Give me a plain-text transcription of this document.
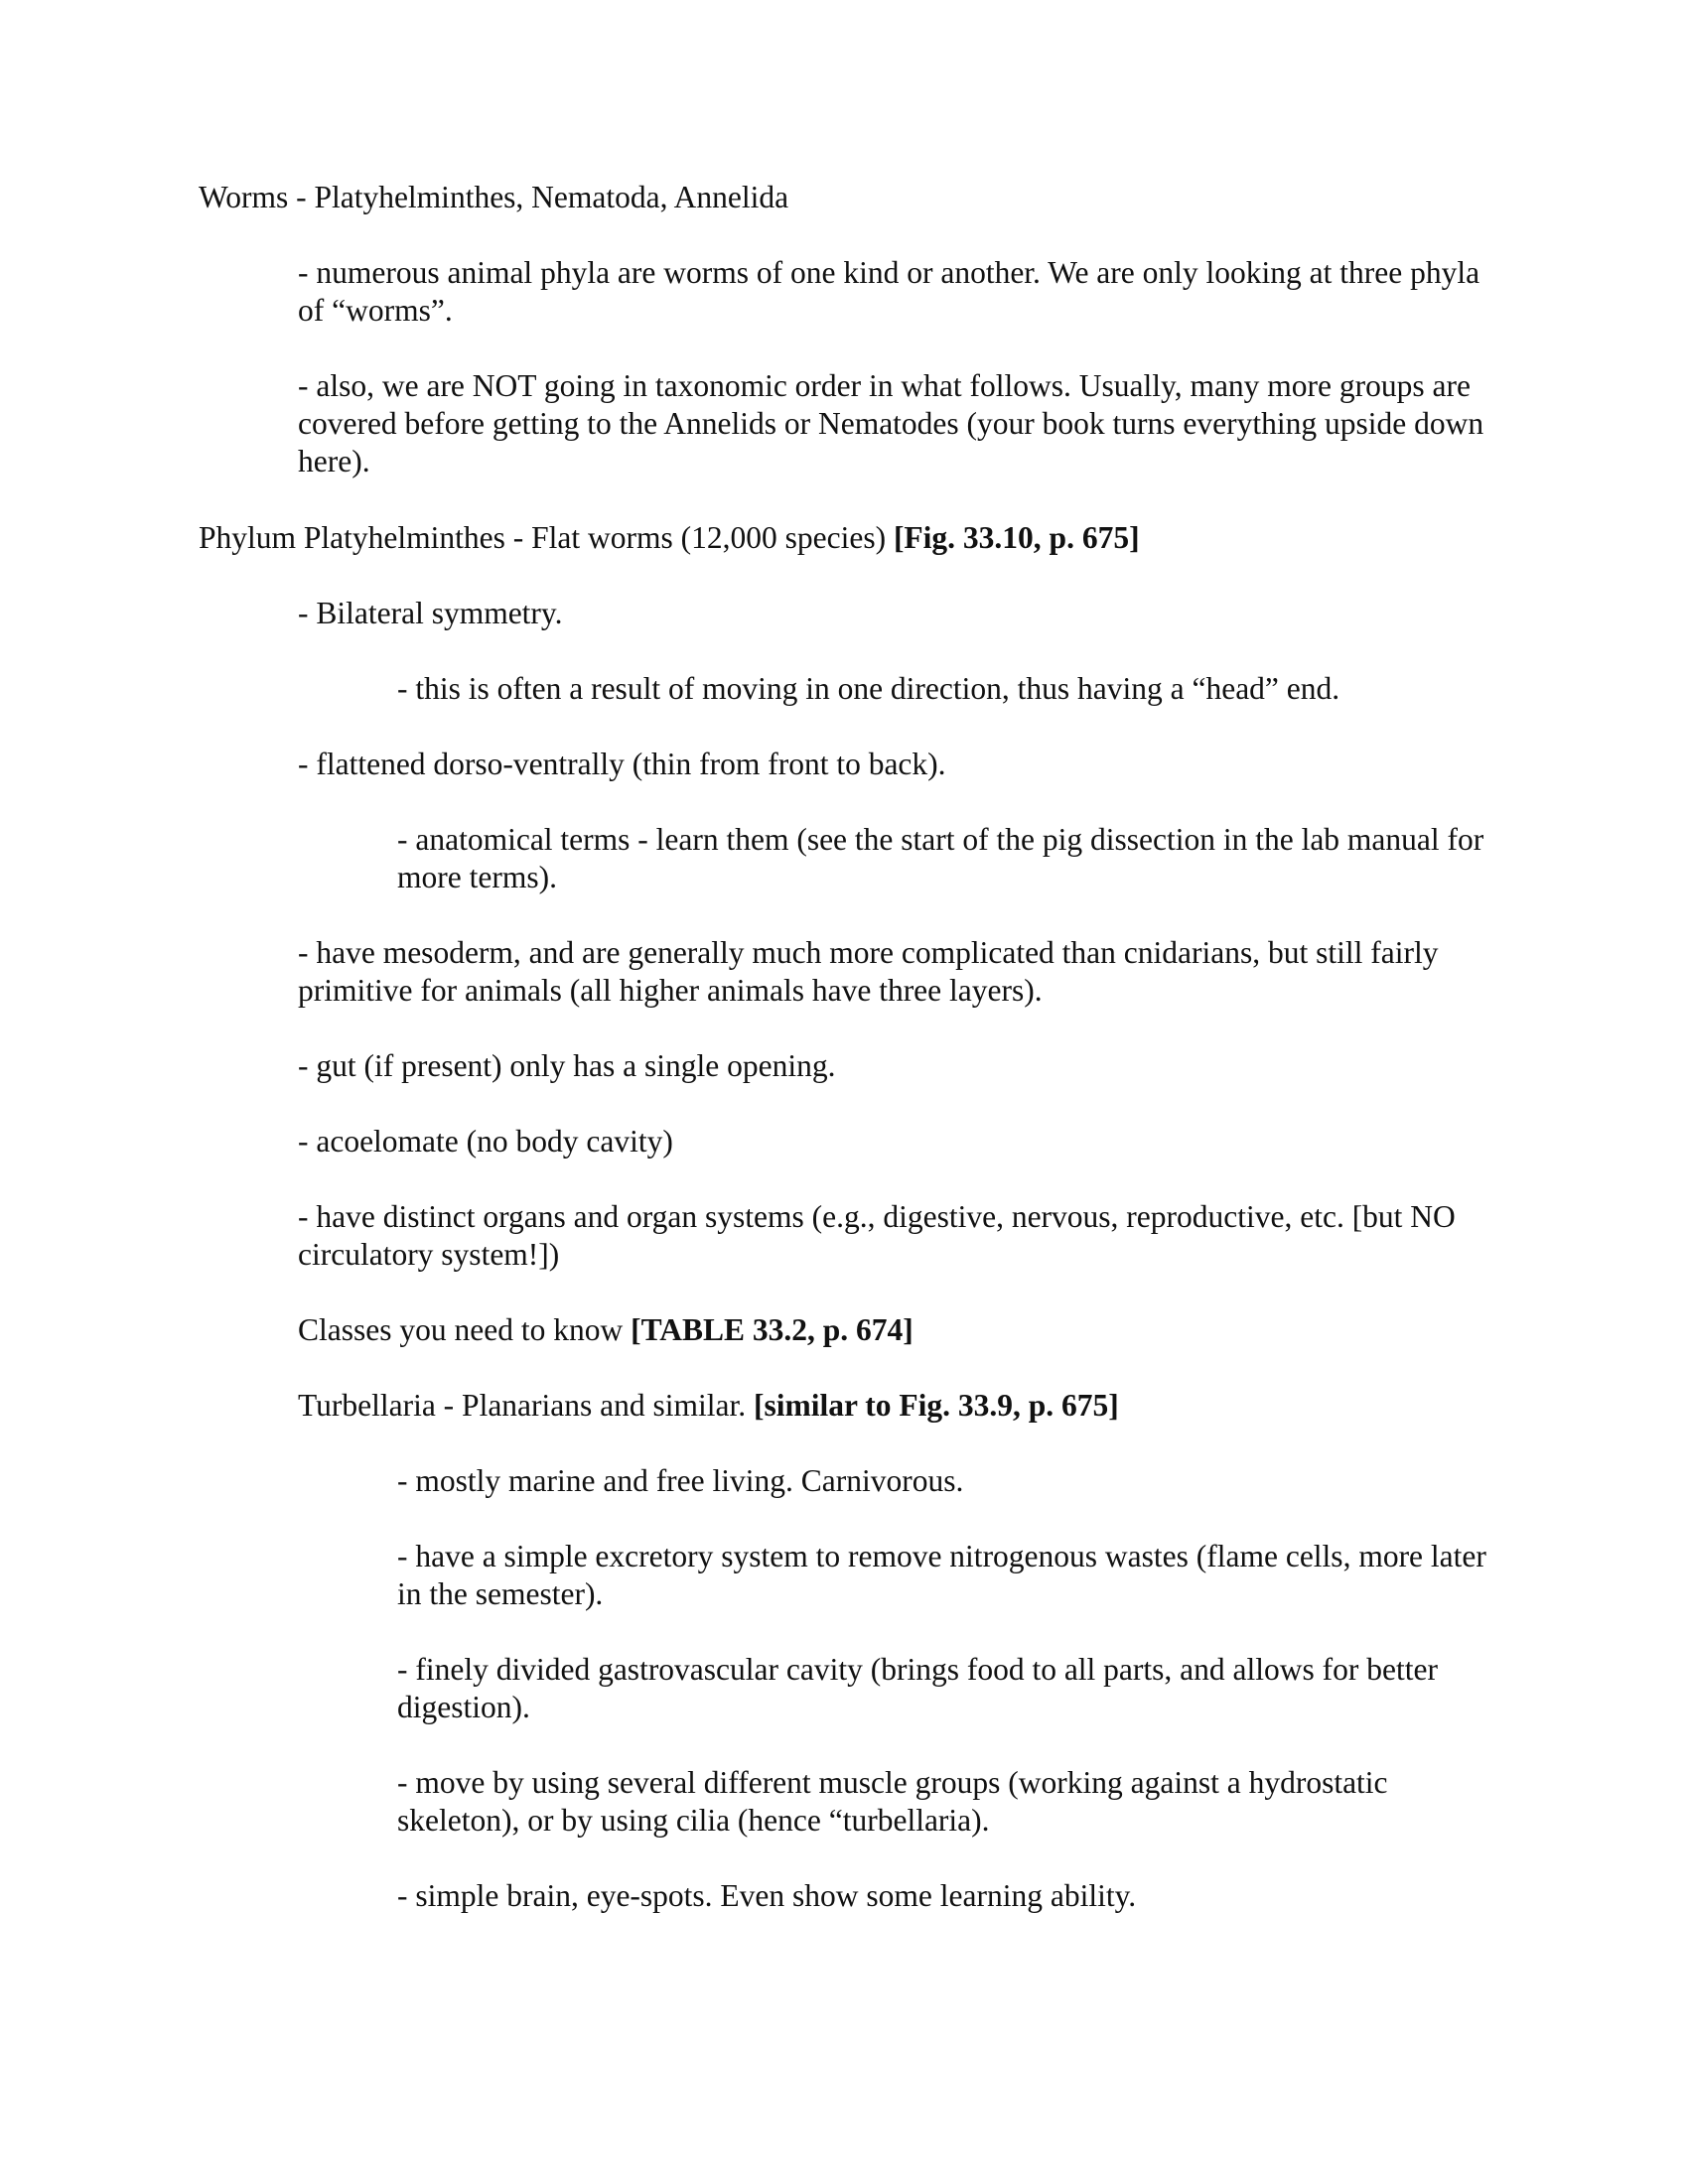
Worms - Platyhelminthes, Nematoda, Annelida

- numerous animal phyla are worms of one kind or another. We are only looking at three phyla of “worms”.

- also, we are NOT going in taxonomic order in what follows. Usually, many more groups are covered before getting to the Annelids or Nematodes (your book turns everything upside down here).

Phylum Platyhelminthes - Flat worms (12,000 species) [Fig. 33.10, p. 675]

- Bilateral symmetry.

- this is often a result of moving in one direction, thus having a “head” end.

- flattened dorso-ventrally (thin from front to back).

- anatomical terms - learn them (see the start of the pig dissection in the lab manual for more terms).

- have mesoderm, and are generally much more complicated than cnidarians, but still fairly primitive for animals (all higher animals have three layers).

- gut (if present) only has a single opening.

- acoelomate (no body cavity)

- have distinct organs and organ systems (e.g., digestive, nervous, reproductive, etc. [but NO circulatory system!])

Classes you need to know [TABLE 33.2, p. 674]

Turbellaria - Planarians and similar. [similar to Fig. 33.9, p. 675]

- mostly marine and free living. Carnivorous.

- have a simple excretory system to remove nitrogenous wastes (flame cells, more later in the semester).

- finely divided gastrovascular cavity (brings food to all parts, and allows for better digestion).

- move by using several different muscle groups (working against a hydrostatic skeleton), or by using cilia (hence “turbellaria).

- simple brain, eye-spots. Even show some learning ability.
